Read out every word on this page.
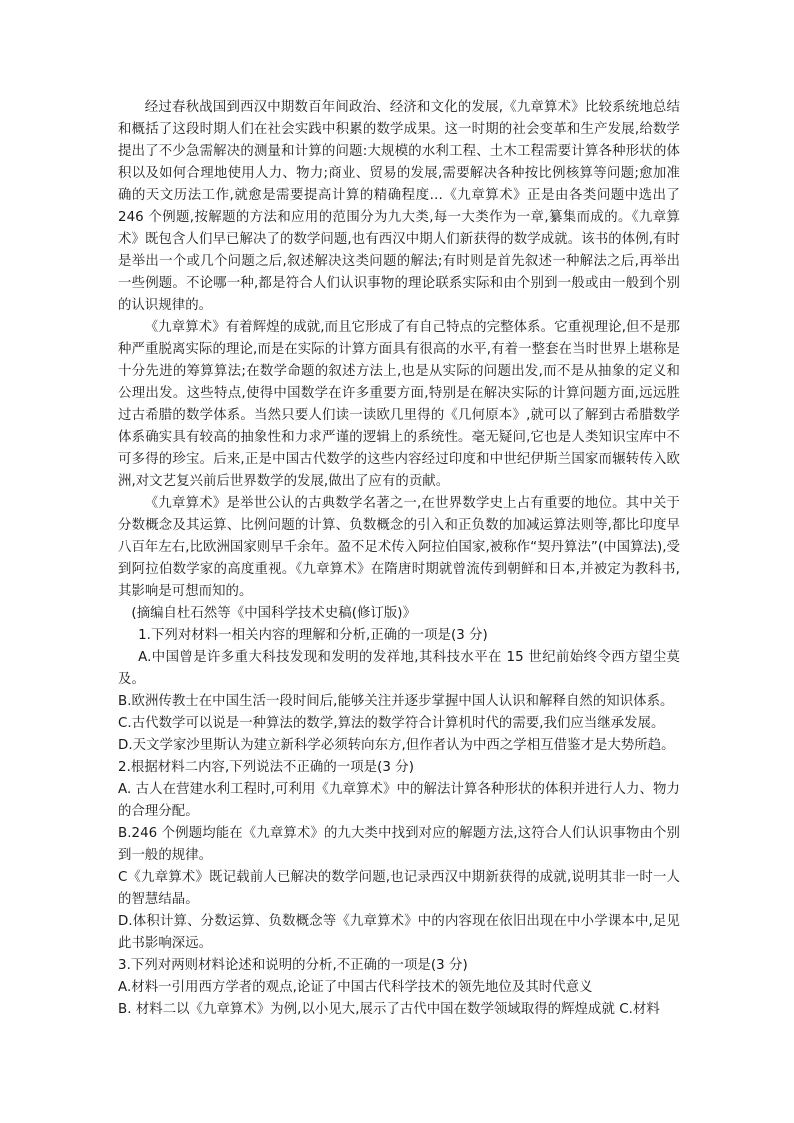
经过春秋战国到西汉中期数百年间政治、经济和文化的发展,《九章算术》比较系统地总结和概括了这段时期人们在社会实践中积累的数学成果。这一时期的社会变革和生产发展,给数学提出了不少急需解决的测量和计算的问题:大规模的水利工程、土木工程需要计算各种形状的体积以及如何合理地使用人力、物力;商业、贸易的发展,需要解决各种按比例核算等问题;愈加准确的天文历法工作,就愈是需要提高计算的精确程度…《九章算术》正是由各类问题中选出了 246 个例题,按解题的方法和应用的范围分为九大类,每一大类作为一章,纂集而成的。《九章算术》既包含人们早已解决了的数学问题,也有西汉中期人们新获得的数学成就。该书的体例,有时是举出一个或几个问题之后,叙述解决这类问题的解法;有时则是首先叙述一种解法之后,再举出一些例题。不论哪一种,都是符合人们认识事物的理论联系实际和由个别到一般或由一般到个别的认识规律的。

《九章算术》有着辉煌的成就,而且它形成了有自己特点的完整体系。它重视理论,但不是那种严重脱离实际的理论,而是在实际的计算方面具有很高的水平,有着一整套在当时世界上堪称是十分先进的筹算算法;在数学命题的叙述方法上,也是从实际的问题出发,而不是从抽象的定义和公理出发。这些特点,使得中国数学在许多重要方面,特别是在解决实际的计算问题方面,远远胜过古希腊的数学体系。当然只要人们读一读欧几里得的《几何原本》,就可以了解到古希腊数学体系确实具有较高的抽象性和力求严谨的逻辑上的系统性。毫无疑问,它也是人类知识宝库中不可多得的珍宝。后来,正是中国古代数学的这些内容经过印度和中世纪伊斯兰国家而辗转传入欧洲,对文艺复兴前后世界数学的发展,做出了应有的贡献。

《九章算术》是举世公认的古典数学名著之一,在世界数学史上占有重要的地位。其中关于分数概念及其运算、比例问题的计算、负数概念的引入和正负数的加减运算法则等,都比印度早八百年左右,比欧洲国家则早千余年。盈不足术传入阿拉伯国家,被称作“契丹算法”(中国算法),受到阿拉伯数学家的高度重视。《九章算术》在隋唐时期就曾流传到朝鲜和日本,并被定为教科书,其影响是可想而知的。

(摘编自杜石然等《中国科学技术史稿(修订版)》

1.下列对材料一相关内容的理解和分析,正确的一项是(3 分)

A.中国曾是许多重大科技发现和发明的发祥地,其科技水平在 15 世纪前始终令西方望尘莫及。

B.欧洲传教士在中国生活一段时间后,能够关注并逐步掌握中国人认识和解释自然的知识体系。

C.古代数学可以说是一种算法的数学,算法的数学符合计算机时代的需要,我们应当继承发展。

D.天文学家沙里斯认为建立新科学必须转向东方,但作者认为中西之学相互借鉴才是大势所趋。

2.根据材料二内容,下列说法不正确的一项是(3 分)

A. 古人在营建水利工程时,可利用《九章算术》中的解法计算各种形状的体积并进行人力、物力的合理分配。

B.246 个例题均能在《九章算术》的九大类中找到对应的解题方法,这符合人们认识事物由个别到一般的规律。

C《九章算术》既记载前人已解决的数学问题,也记录西汉中期新获得的成就,说明其非一时一人的智慧结晶。

D.体积计算、分数运算、负数概念等《九章算术》中的内容现在依旧出现在中小学课本中,足见此书影响深远。

3.下列对两则材料论述和说明的分析,不正确的一项是(3 分)

A.材料一引用西方学者的观点,论证了中国古代科学技术的领先地位及其时代意义

B. 材料二以《九章算术》为例,以小见大,展示了古代中国在数学领域取得的辉煌成就 C.材料
